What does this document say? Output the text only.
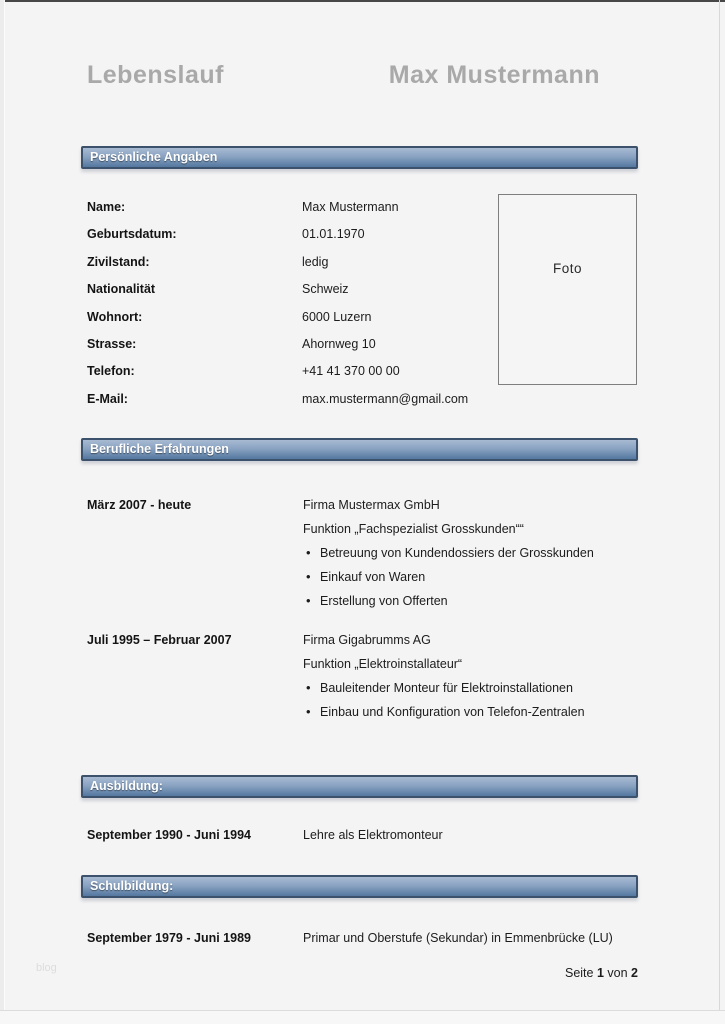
Lebenslauf	Max Mustermann
Persönliche Angaben
Name:	Max Mustermann
Geburtsdatum:	01.01.1970
Zivilstand:	ledig
Nationalität	Schweiz
Wohnort:	6000 Luzern
Strasse:	Ahornweg 10
Telefon:	+41 41 370 00 00
E-Mail:	max.mustermann@gmail.com
Foto
Berufliche Erfahrungen
März 2007 - heute	Firma Mustermax GmbH
Funktion „Fachspezialist Grosskunden““
•
Betreuung von Kundendossiers der Grosskunden
•
Einkauf von Waren
•
Erstellung von Offerten
Juli 1995 – Februar 2007	Firma Gigabrumms AG
Funktion „Elektroinstallateur“
•
Bauleitender Monteur für Elektroinstallationen
•
Einbau und Konfiguration von Telefon-Zentralen
Ausbildung:
September 1990 - Juni 1994	Lehre als Elektromonteur
Schulbildung:
September 1979 - Juni 1989	Primar und Oberstufe (Sekundar) in Emmenbrücke (LU)
Seite 1 von 2
blog
